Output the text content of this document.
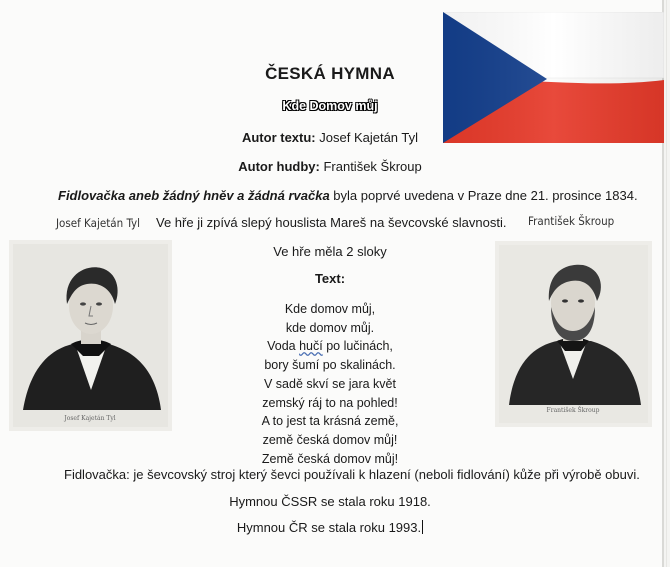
ČESKÁ HYMNA
Kde Domov můj
Autor textu: Josef Kajetán Tyl
Autor hudby: František Škroup
Fidlovačka aneb žádný hněv a žádná rvačka byla poprvé uvedena v Praze dne 21. prosince 1834.
Josef Kajetán Tyl Ve hře ji zpívá slepý houslista Mareš na ševcovské slavnosti. František Škroup
Ve hře měla 2 sloky
Text:
Kde domov můj,
kde domov můj.
Voda hučí po lučinách,
bory šumí po skalinách.
V sadě skví se jara květ
zemský ráj to na pohled!
A to jest ta krásná země,
země česká domov můj!
Země česká domov můj!
Josef Kajetán Tyl
František Škroup
Fidlovačka: je ševcovský stroj který ševci používali k hlazení (neboli fidlování) kůže při výrobě obuvi.
Hymnou ČSSR se stala roku 1918.
Hymnou ČR se stala roku 1993.
